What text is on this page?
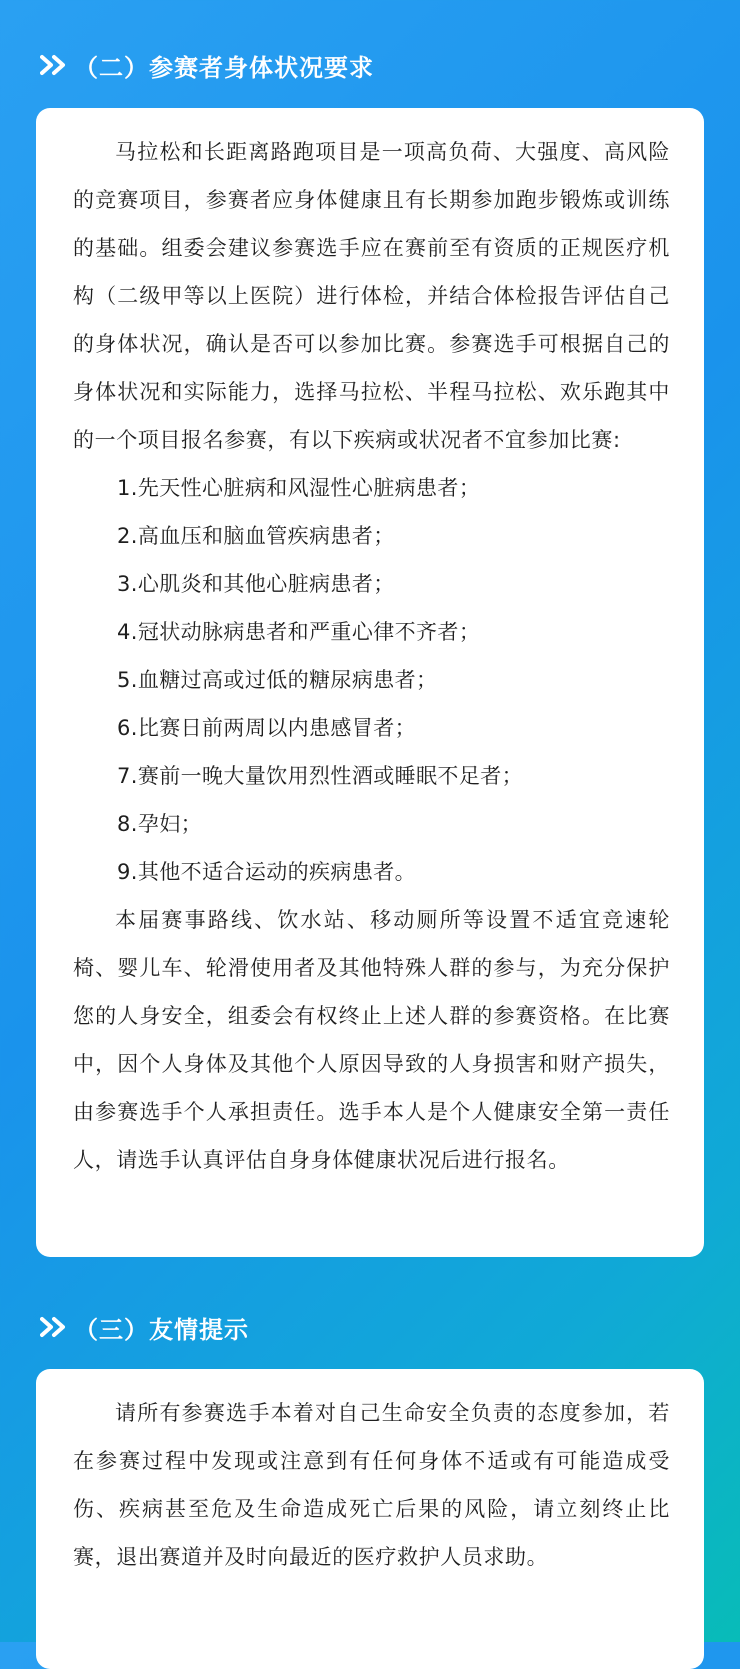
（二）参赛者身体状况要求

马拉松和长距离路跑项目是一项高负荷、大强度、高风险的竞赛项目，参赛者应身体健康且有长期参加跑步锻炼或训练的基础。组委会建议参赛选手应在赛前至有资质的正规医疗机构（二级甲等以上医院）进行体检，并结合体检报告评估自己的身体状况，确认是否可以参加比赛。参赛选手可根据自己的身体状况和实际能力，选择马拉松、半程马拉松、欢乐跑其中的一个项目报名参赛，有以下疾病或状况者不宜参加比赛:

1.先天性心脏病和风湿性心脏病患者；

2.高血压和脑血管疾病患者；

3.心肌炎和其他心脏病患者；

4.冠状动脉病患者和严重心律不齐者；

5.血糖过高或过低的糖尿病患者；

6.比赛日前两周以内患感冒者；

7.赛前一晚大量饮用烈性酒或睡眠不足者；

8.孕妇；

9.其他不适合运动的疾病患者。

本届赛事路线、饮水站、移动厕所等设置不适宜竞速轮椅、婴儿车、轮滑使用者及其他特殊人群的参与，为充分保护您的人身安全，组委会有权终止上述人群的参赛资格。在比赛中，因个人身体及其他个人原因导致的人身损害和财产损失，由参赛选手个人承担责任。选手本人是个人健康安全第一责任人，请选手认真评估自身身体健康状况后进行报名。

（三）友情提示

请所有参赛选手本着对自己生命安全负责的态度参加，若在参赛过程中发现或注意到有任何身体不适或有可能造成受伤、疾病甚至危及生命造成死亡后果的风险，请立刻终止比赛，退出赛道并及时向最近的医疗救护人员求助。
